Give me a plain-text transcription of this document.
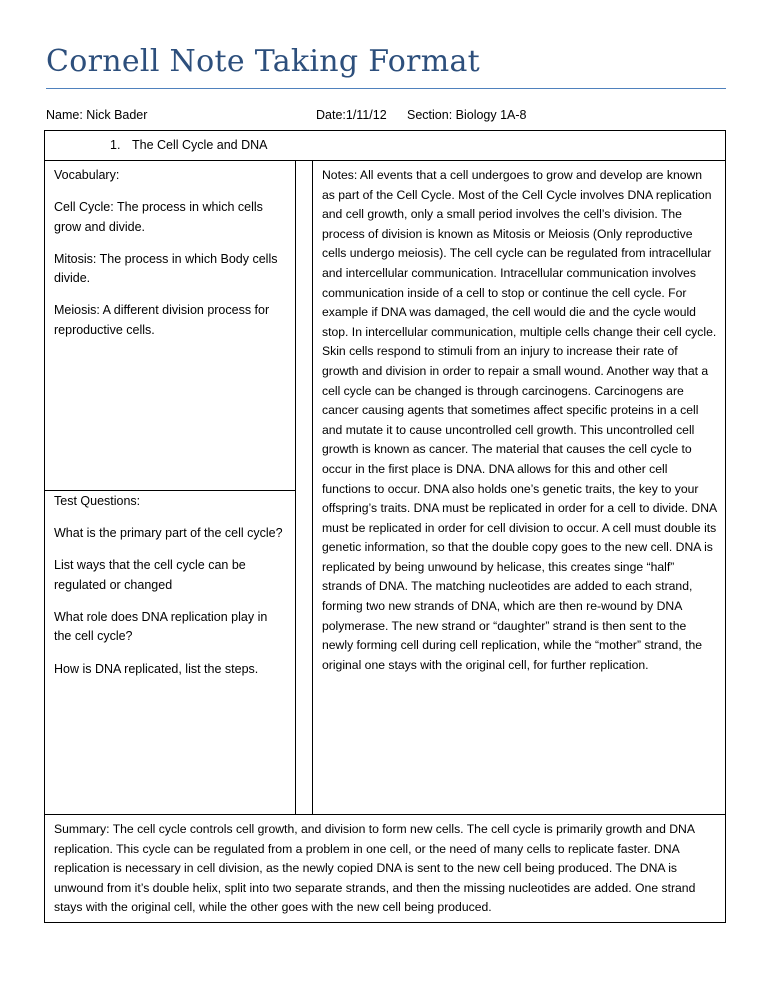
Cornell Note Taking Format
Name: Nick Bader	Date:1/11/12 Section: Biology 1A-8
1. The Cell Cycle and DNA

Vocabulary:

Cell Cycle: The process in which cells grow and divide.

Mitosis: The process in which Body cells divide.

Meiosis: A different division process for reproductive cells.

Test Questions:

What is the primary part of the cell cycle?

List ways that the cell cycle can be regulated or changed

What role does DNA replication play in the cell cycle?

How is DNA replicated, list the steps.

Notes: All events that a cell undergoes to grow and develop are known as part of the Cell Cycle. Most of the Cell Cycle involves DNA replication and cell growth, only a small period involves the cell’s division. The process of division is known as Mitosis or Meiosis (Only reproductive cells undergo meiosis). The cell cycle can be regulated from intracellular and intercellular communication. Intracellular communication involves communication inside of a cell to stop or continue the cell cycle. For example if DNA was damaged, the cell would die and the cycle would stop. In intercellular communication, multiple cells change their cell cycle. Skin cells respond to stimuli from an injury to increase their rate of growth and division in order to repair a small wound. Another way that a cell cycle can be changed is through carcinogens. Carcinogens are cancer causing agents that sometimes affect specific proteins in a cell and mutate it to cause uncontrolled cell growth. This uncontrolled cell growth is known as cancer. The material that causes the cell cycle to occur in the first place is DNA. DNA allows for this and other cell functions to occur. DNA also holds one’s genetic traits, the key to your offspring’s traits. DNA must be replicated in order for a cell to divide. DNA must be replicated in order for cell division to occur. A cell must double its genetic information, so that the double copy goes to the new cell. DNA is replicated by being unwound by helicase, this creates singe “half” strands of DNA. The matching nucleotides are added to each strand, forming two new strands of DNA, which are then re-wound by DNA polymerase. The new strand or “daughter” strand is then sent to the newly forming cell during cell replication, while the “mother” strand, the original one stays with the original cell, for further replication.
Summary: The cell cycle controls cell growth, and division to form new cells. The cell cycle is primarily growth and DNA replication. This cycle can be regulated from a problem in one cell, or the need of many cells to replicate faster. DNA replication is necessary in cell division, as the newly copied DNA is sent to the new cell being produced. The DNA is unwound from it’s double helix, split into two separate strands, and then the missing nucleotides are added. One strand stays with the original cell, while the other goes with the new cell being produced.
